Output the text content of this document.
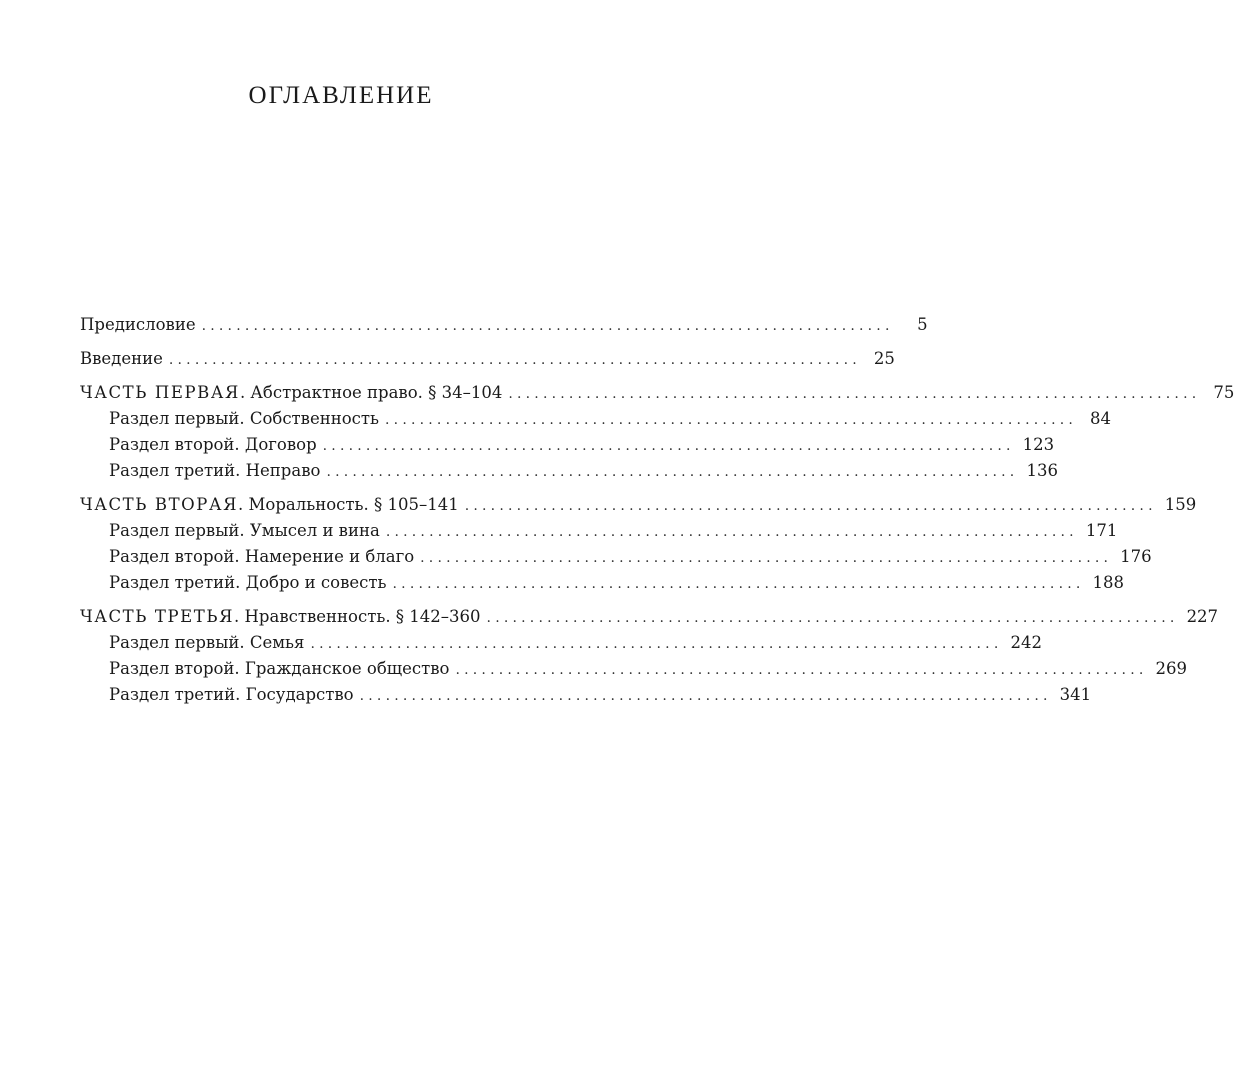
ОГЛАВЛЕНИЕ
Предисловие ................................................................................	5
Введение ................................................................................ 25
ЧАСТЬ ПЕРВАЯ. Абстрактное право. § 34–104 ................................................................................ 75
Раздел первый. Собственность ................................................................................ 84
Раздел второй. Договор ................................................................................ 123
Раздел третий. Неправо ................................................................................ 136
ЧАСТЬ ВТОРАЯ. Моральность. § 105–141 ................................................................................ 159
Раздел первый. Умысел и вина ................................................................................ 171
Раздел второй. Намерение и благо ................................................................................ 176
Раздел третий. Добро и совесть ................................................................................ 188
ЧАСТЬ ТРЕТЬЯ. Нравственность. § 142–360 ................................................................................ 227
Раздел первый. Семья ................................................................................ 242
Раздел второй. Гражданское общество ................................................................................ 269
Раздел третий. Государство ................................................................................ 341
